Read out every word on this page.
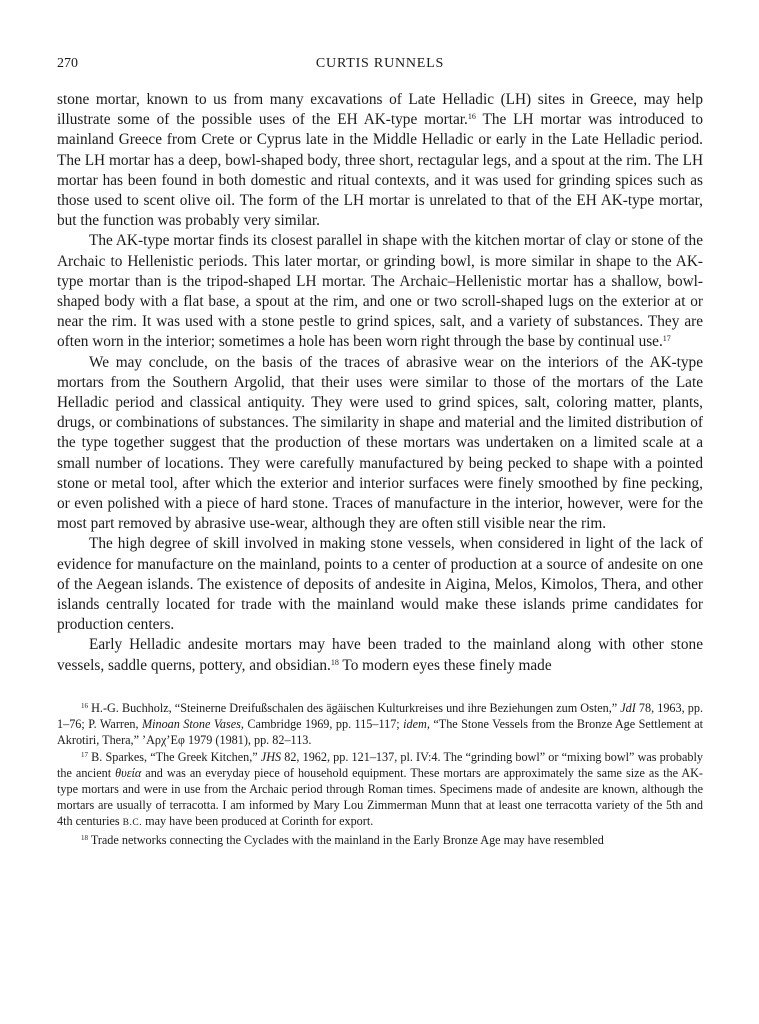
270	CURTIS RUNNELS

stone mortar, known to us from many excavations of Late Helladic (LH) sites in Greece, may help illustrate some of the possible uses of the EH AK-type mortar.$^{16}$ The LH mortar was introduced to mainland Greece from Crete or Cyprus late in the Middle Helladic or early in the Late Helladic period. The LH mortar has a deep, bowl-shaped body, three short, rectagular legs, and a spout at the rim. The LH mortar has been found in both domestic and ritual contexts, and it was used for grinding spices such as those used to scent olive oil. The form of the LH mortar is unrelated to that of the EH AK-type mortar, but the function was probably very similar.

The AK-type mortar finds its closest parallel in shape with the kitchen mortar of clay or stone of the Archaic to Hellenistic periods. This later mortar, or grinding bowl, is more similar in shape to the AK-type mortar than is the tripod-shaped LH mortar. The Archaic–Hellenistic mortar has a shallow, bowl-shaped body with a flat base, a spout at the rim, and one or two scroll-shaped lugs on the exterior at or near the rim. It was used with a stone pestle to grind spices, salt, and a variety of substances. They are often worn in the interior; sometimes a hole has been worn right through the base by continual use.$^{17}$

We may conclude, on the basis of the traces of abrasive wear on the interiors of the AK-type mortars from the Southern Argolid, that their uses were similar to those of the mortars of the Late Helladic period and classical antiquity. They were used to grind spices, salt, coloring matter, plants, drugs, or combinations of substances. The similarity in shape and material and the limited distribution of the type together suggest that the production of these mortars was undertaken on a limited scale at a small number of locations. They were carefully manufactured by being pecked to shape with a pointed stone or metal tool, after which the exterior and interior surfaces were finely smoothed by fine pecking, or even polished with a piece of hard stone. Traces of manufacture in the interior, however, were for the most part removed by abrasive use-wear, although they are often still visible near the rim.

The high degree of skill involved in making stone vessels, when considered in light of the lack of evidence for manufacture on the mainland, points to a center of production at a source of andesite on one of the Aegean islands. The existence of deposits of andesite in Aigina, Melos, Kimolos, Thera, and other islands centrally located for trade with the mainland would make these islands prime candidates for production centers.

Early Helladic andesite mortars may have been traded to the mainland along with other stone vessels, saddle querns, pottery, and obsidian.$^{18}$ To modern eyes these finely made

$^{16}$ H.-G. Buchholz, “Steinerne Dreifußschalen des ägäischen Kulturkreises und ihre Beziehungen zum Osten,” JdI 78, 1963, pp. 1–76; P. Warren, Minoan Stone Vases, Cambridge 1969, pp. 115–117; idem, “The Stone Vessels from the Bronze Age Settlement at Akrotiri, Thera,” ’Αρχ’Εφ 1979 (1981), pp. 82–113.

$^{17}$ B. Sparkes, “The Greek Kitchen,” JHS 82, 1962, pp. 121–137, pl. IV:4. The “grinding bowl” or “mixing bowl” was probably the ancient θυεία and was an everyday piece of household equipment. These mortars are approximately the same size as the AK-type mortars and were in use from the Archaic period through Roman times. Specimens made of andesite are known, although the mortars are usually of terracotta. I am informed by Mary Lou Zimmerman Munn that at least one terracotta variety of the 5th and 4th centuries B.C. may have been produced at Corinth for export.

$^{18}$ Trade networks connecting the Cyclades with the mainland in the Early Bronze Age may have resembled
